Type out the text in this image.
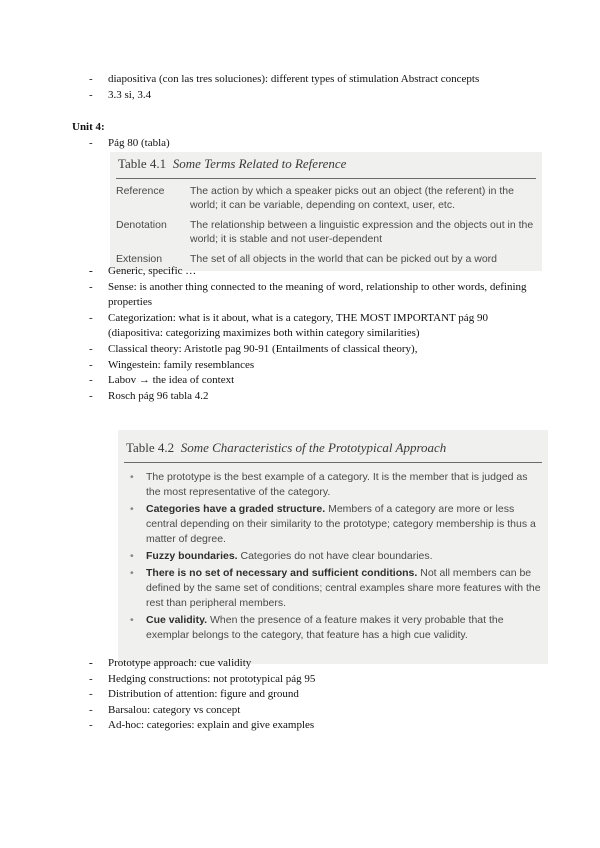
- diapositiva (con las tres soluciones): different types of stimulation Abstract concepts
- 3.3 si, 3.4
Unit 4:
- Pág 80 (tabla)
Table 4.1 Some Terms Related to Reference
Reference	The action by which a speaker picks out an object (the referent) in the world; it can be variable, depending on context, user, etc.
Denotation	The relationship between a linguistic expression and the objects out in the world; it is stable and not user-dependent
Extension	The set of all objects in the world that can be picked out by a word
- Generic, specific …
- Sense: is another thing connected to the meaning of word, relationship to other words, defining properties
- Categorization: what is it about, what is a category, THE MOST IMPORTANT pág 90 (diapositiva: categorizing maximizes both within category similarities)
- Classical theory: Aristotle pag 90-91 (Entailments of classical theory),
- Wingestein: family resemblances
- Labov → the idea of context
- Rosch pág 96 tabla 4.2
Table 4.2 Some Characteristics of the Prototypical Approach
• The prototype is the best example of a category. It is the member that is judged as the most representative of the category.
• Categories have a graded structure. Members of a category are more or less central depending on their similarity to the prototype; category membership is thus a matter of degree.
• Fuzzy boundaries. Categories do not have clear boundaries.
• There is no set of necessary and sufficient conditions. Not all members can be defined by the same set of conditions; central examples share more features with the rest than peripheral members.
• Cue validity. When the presence of a feature makes it very probable that the exemplar belongs to the category, that feature has a high cue validity.
- Prototype approach: cue validity
- Hedging constructions: not prototypical pág 95
- Distribution of attention: figure and ground
- Barsalou: category vs concept
- Ad-hoc: categories: explain and give examples
